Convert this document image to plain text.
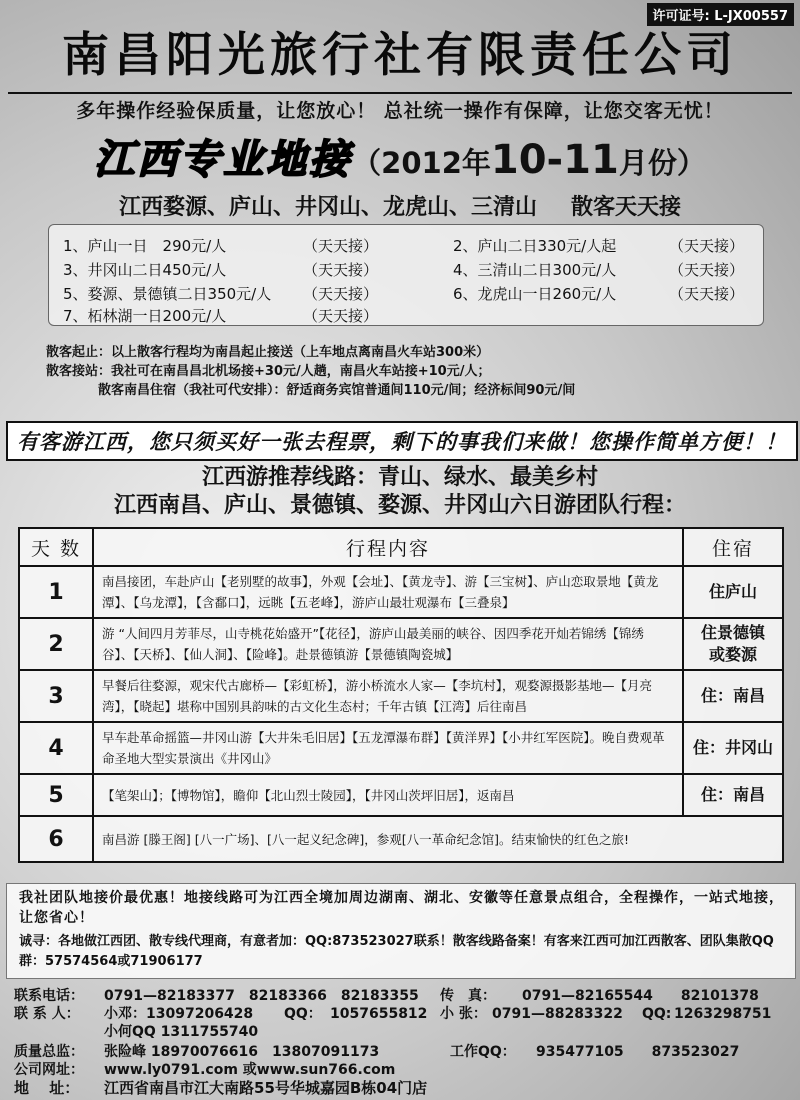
许可证号: L-JX00557
南昌阳光旅行社有限责任公司
多年操作经验保质量，让您放心！ 总社统一操作有保障，让您交客无忧！
江西专业地接（2012年10-11月份）
江西婺源、庐山、井冈山、龙虎山、三清山 散客天天接
1、庐山一日　290元/人	（天天接）	2、庐山二日330元/人起	（天天接）
3、井冈山二日450元/人	（天天接）	4、三清山二日300元/人	（天天接）
5、婺源、景德镇二日350元/人 （天天接）	6、龙虎山一日260元/人	（天天接）
7、柘林湖一日200元/人	（天天接）
散客起止：以上散客行程均为南昌起止接送（上车地点离南昌火车站300米）
散客接站：我社可在南昌昌北机场接+30元/人趟，南昌火车站接+10元/人；
　　　　散客南昌住宿（我社可代安排）：舒适商务宾馆普通间110元/间；经济标间90元/间
有客游江西，您只须买好一张去程票，剩下的事我们来做！您操作简单方便！！
江西游推荐线路：青山、绿水、最美乡村
江西南昌、庐山、景德镇、婺源、井冈山六日游团队行程：
天 数	行程内容	住宿
1	南昌接团，车赴庐山【老别墅的故事】，外观【会址】、【黄龙寺】、游【三宝树】、庐山恋取景地【黄龙潭】、【乌龙潭】，【含鄱口】，远眺【五老峰】，游庐山最壮观瀑布【三叠泉】	住庐山
2	游 “人间四月芳菲尽，山寺桃花始盛开”【花径】，游庐山最美丽的峡谷、因四季花开灿若锦绣【锦绣谷】、【天桥】、【仙人洞】、【险峰】。赴景德镇游【景德镇陶瓷城】	住景德镇
或婺源
3	早餐后往婺源，观宋代古廊桥—【彩虹桥】，游小桥流水人家—【李坑村】，观婺源摄影基地—【月亮湾】，【晓起】堪称中国别具韵味的古文化生态村；千年古镇【江湾】后往南昌	住：南昌
4	早车赴革命摇篮—井冈山游【大井朱毛旧居】【五龙潭瀑布群】【黄洋界】【小井红军医院】。晚自费观革命圣地大型实景演出《井冈山》	住：井冈山
5	【笔架山】；【博物馆】，瞻仰【北山烈士陵园】，【井冈山茨坪旧居】，返南昌	住：南昌
6	南昌游 [滕王阁] [八一广场]、[八一起义纪念碑]，参观[八一革命纪念馆]。结束愉快的红色之旅!	
我社团队地接价最优惠！地接线路可为江西全境加周边湖南、湖北、安徽等任意景点组合，全程操作，一站式地接，让您省心！
诚寻：各地做江西团、散专线代理商，有意者加：QQ:873523027联系！散客线路备案！有客来江西可加江西散客、团队集散QQ群：57574564或71906177
联系电话： 0791—82183377　82183366　82183355 传　真： 0791—82165544　　82101378
联 系 人： 小邓：13097206428 QQ： 1057655812 小 张： 0791—88283322 QQ: 1263298751
小何QQ 1311755740
质量总监： 张险峰 18970076616　13807091173	工作QQ： 935477105　　873523027
公司网址： www.ly0791.com 或www.sun766.com
地　 址： 江西省南昌市江大南路55号华城嘉园B栋04门店
